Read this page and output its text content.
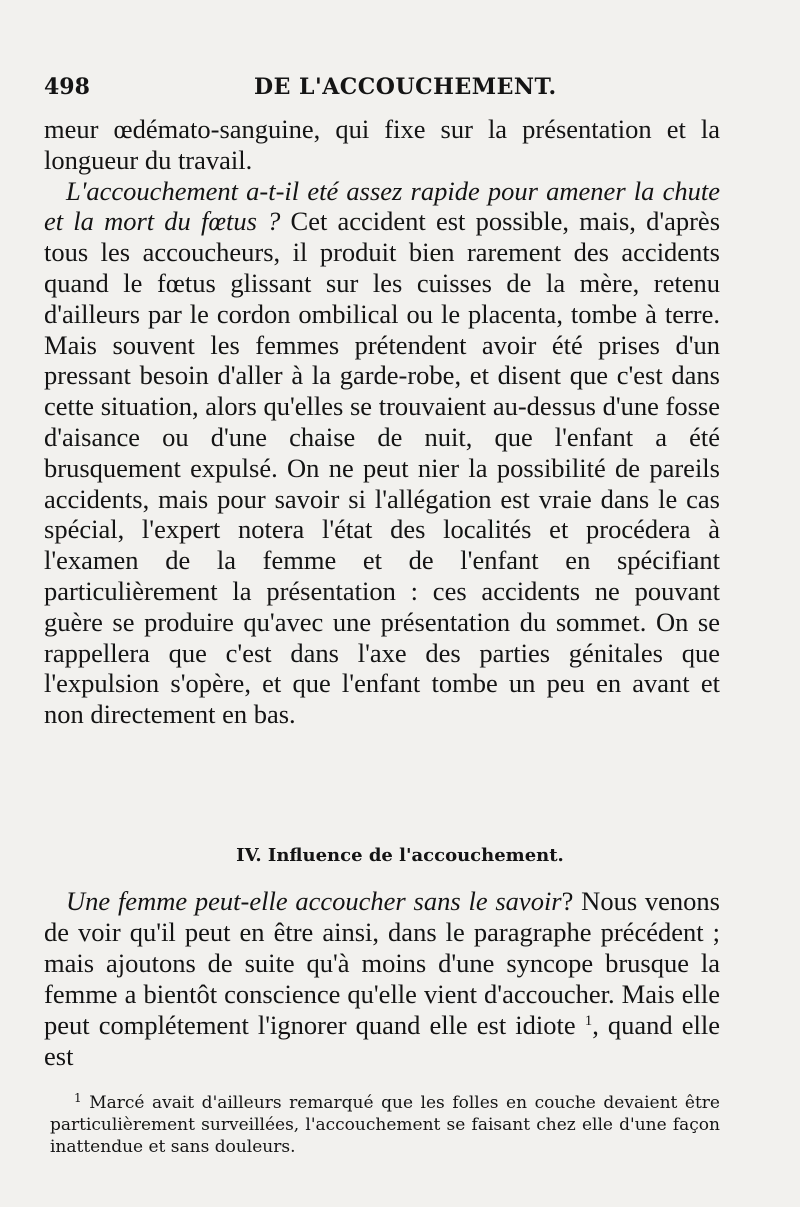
498	DE L'ACCOUCHEMENT.

meur œdémato-sanguine, qui fixe sur la présentation et la longueur du travail.

L'accouchement a-t-il eté assez rapide pour amener la chute et la mort du fœtus ? Cet accident est possible, mais, d'après tous les accoucheurs, il produit bien rarement des accidents quand le fœtus glissant sur les cuisses de la mère, retenu d'ailleurs par le cordon ombilical ou le placenta, tombe à terre. Mais souvent les femmes prétendent avoir été prises d'un pressant besoin d'aller à la garde-robe, et disent que c'est dans cette situation, alors qu'elles se trouvaient au-dessus d'une fosse d'aisance ou d'une chaise de nuit, que l'enfant a été brusquement expulsé. On ne peut nier la possibilité de pareils accidents, mais pour savoir si l'allégation est vraie dans le cas spécial, l'expert notera l'état des localités et procédera à l'examen de la femme et de l'enfant en spécifiant particulièrement la présentation : ces accidents ne pouvant guère se produire qu'avec une présentation du sommet. On se rappellera que c'est dans l'axe des parties génitales que l'expulsion s'opère, et que l'enfant tombe un peu en avant et non directement en bas.

IV. Influence de l'accouchement.

Une femme peut-elle accoucher sans le savoir? Nous venons de voir qu'il peut en être ainsi, dans le paragraphe précédent ; mais ajoutons de suite qu'à moins d'une syncope brusque la femme a bientôt conscience qu'elle vient d'accoucher. Mais elle peut complétement l'ignorer quand elle est idiote $^1$, quand elle est

$^1$ Marcé avait d'ailleurs remarqué que les folles en couche devaient être particulièrement surveillées, l'accouchement se faisant chez elle d'une façon inattendue et sans douleurs.
